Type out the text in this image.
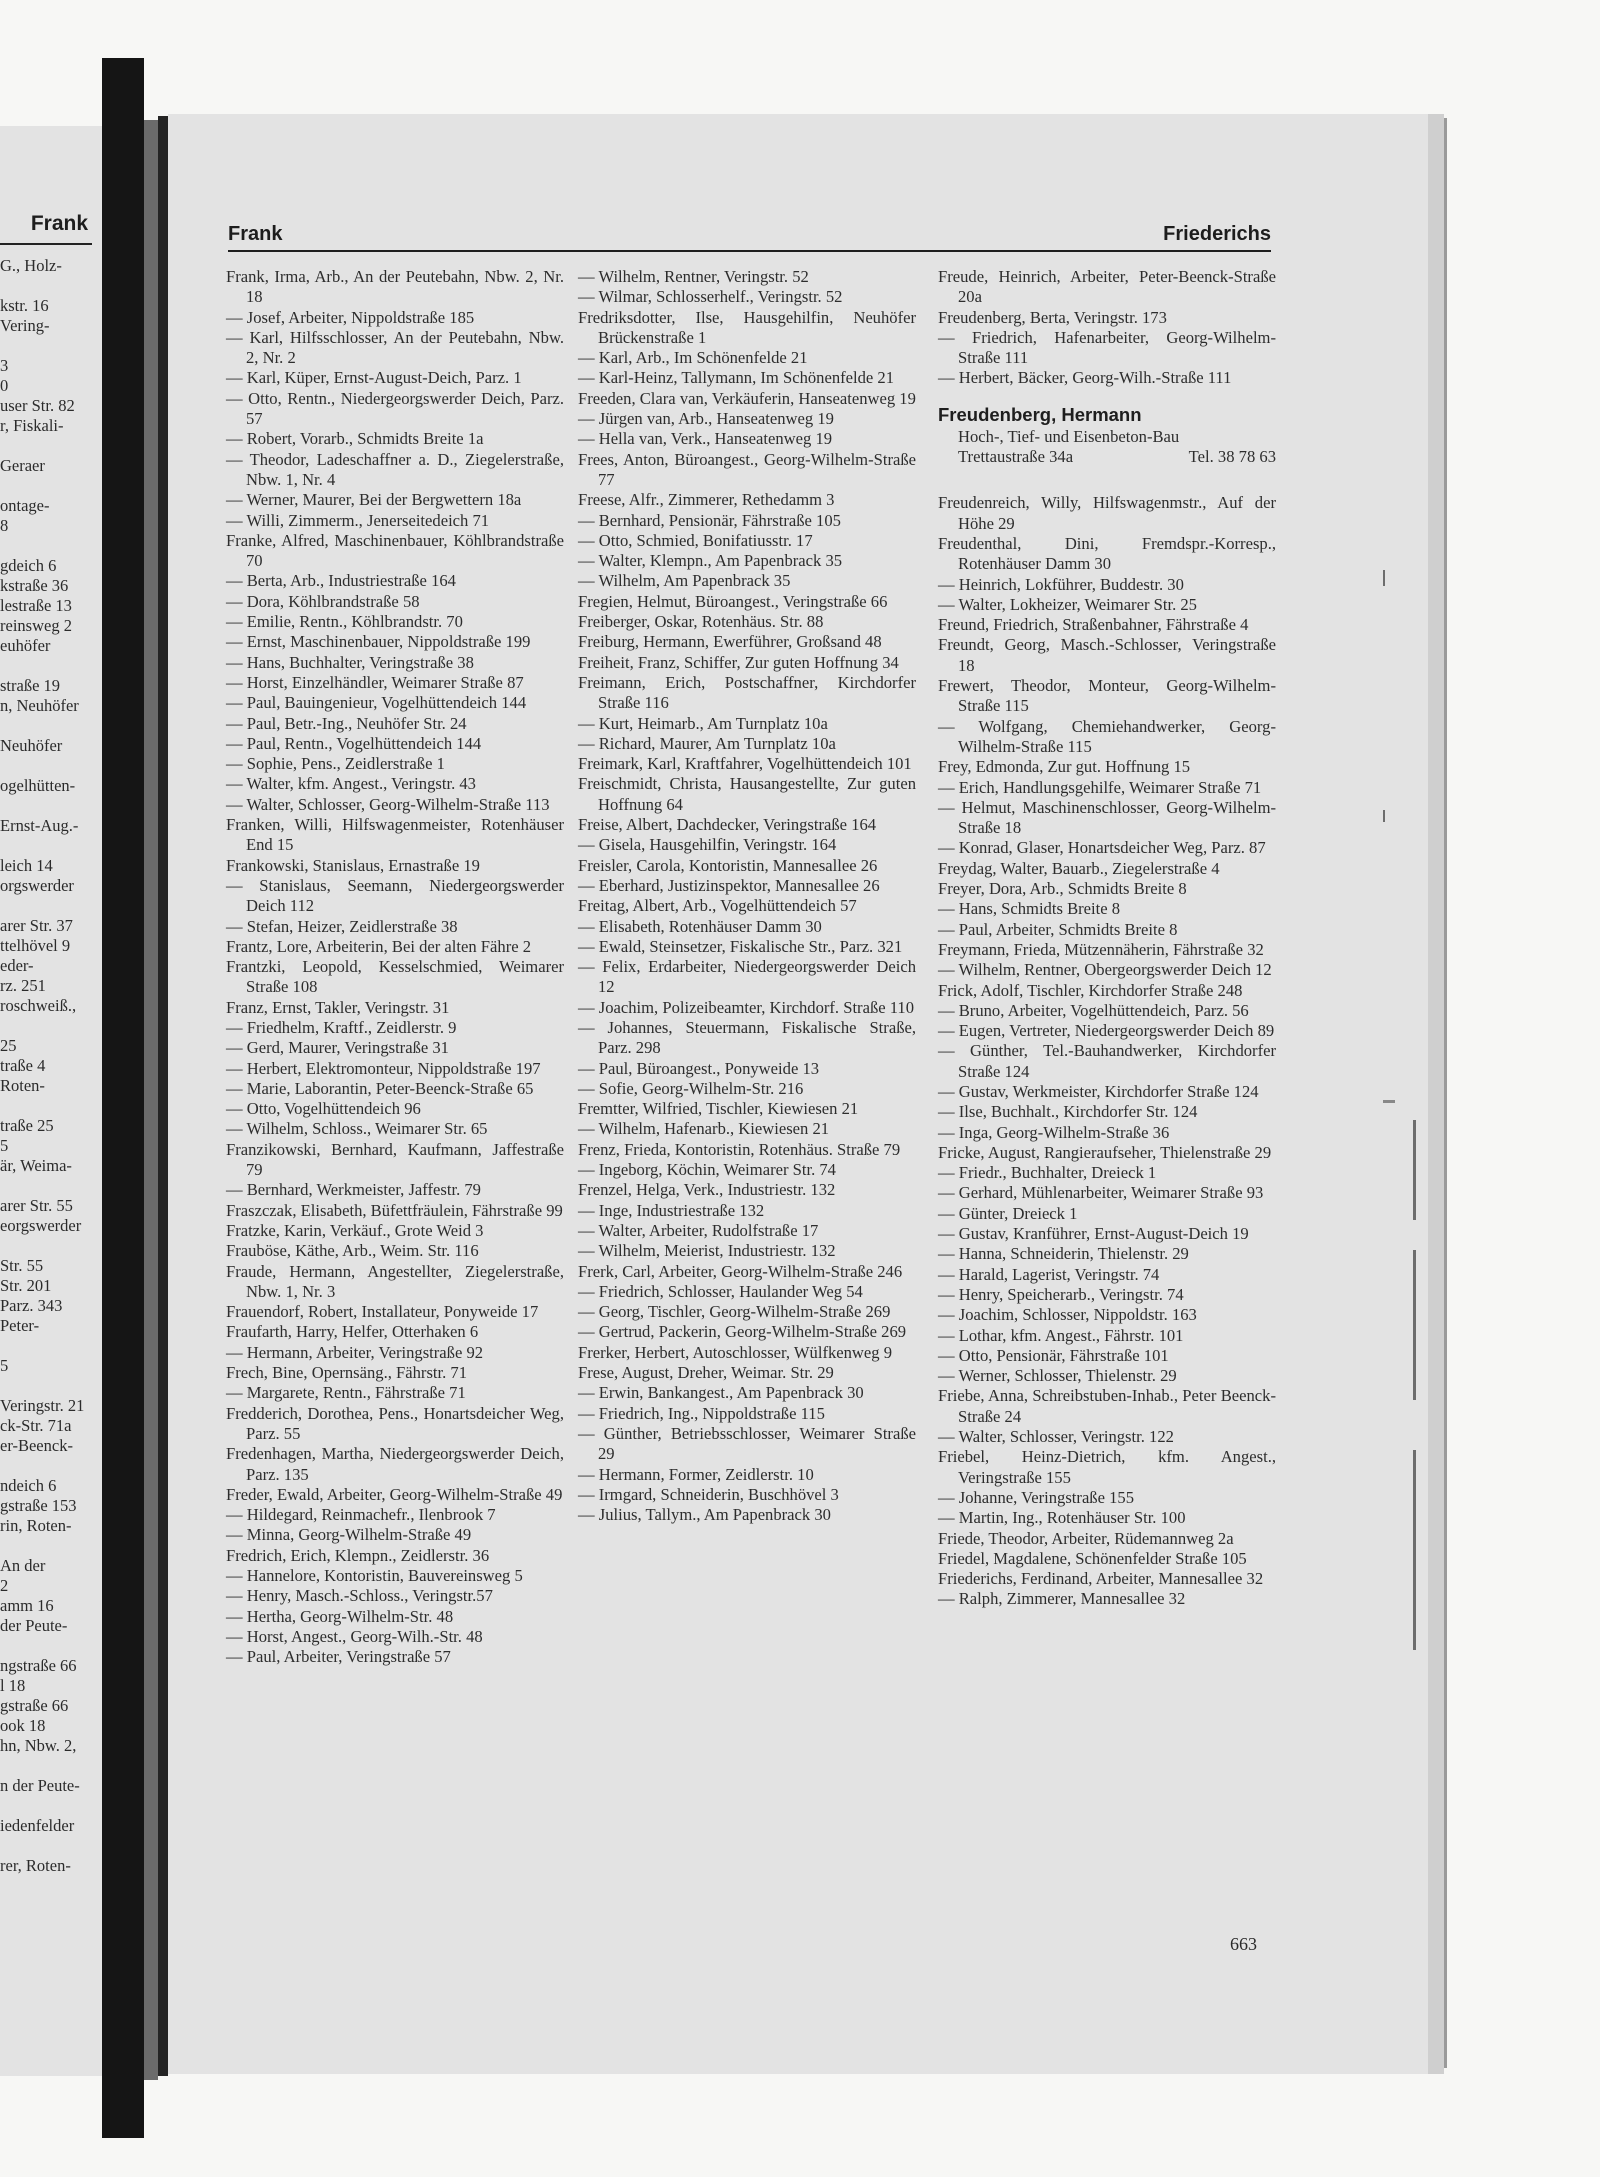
Frank
G., Holz-
kstr. 16
Vering-
3
0
user Str. 82
r, Fiskali-
Geraer
ontage-
8
gdeich 6
kstraße 36
lestraße 13
reinsweg 2
euhöfer
straße 19
n, Neuhöfer
Neuhöfer
ogelhütten-
Ernst-Aug.-
leich 14
orgswerder
arer Str. 37
ttelhövel 9
eder-
rz. 251
roschweiß.,
25
traße 4
Roten-
traße 25
5
är, Weima-
arer Str. 55
eorgswerder
Str. 55
Str. 201
Parz. 343
Peter-
5
Veringstr. 21
ck-Str. 71a
er-Beenck-
ndeich 6
gstraße 153
rin, Roten-
An der
2
amm 16
der Peute-
ngstraße 66
l 18
gstraße 66
ook 18
hn, Nbw. 2,
n der Peute-
iedenfelder
rer, Roten-
Frank	Friederichs
Frank, Irma, Arb., An der Peutebahn, Nbw. 2, Nr. 18
— Josef, Arbeiter, Nippoldstraße 185
— Karl, Hilfsschlosser, An der Peutebahn, Nbw. 2, Nr. 2
— Karl, Küper, Ernst-August-Deich, Parz. 1
— Otto, Rentn., Niedergeorgswerder Deich, Parz. 57
— Robert, Vorarb., Schmidts Breite 1a
— Theodor, Ladeschaffner a. D., Ziegelerstraße, Nbw. 1, Nr. 4
— Werner, Maurer, Bei der Bergwettern 18a
— Willi, Zimmerm., Jenerseitedeich 71
Franke, Alfred, Maschinenbauer, Köhlbrandstraße 70
— Berta, Arb., Industriestraße 164
— Dora, Köhlbrandstraße 58
— Emilie, Rentn., Köhlbrandstr. 70
— Ernst, Maschinenbauer, Nippoldstraße 199
— Hans, Buchhalter, Veringstraße 38
— Horst, Einzelhändler, Weimarer Straße 87
— Paul, Bauingenieur, Vogelhüttendeich 144
— Paul, Betr.-Ing., Neuhöfer Str. 24
— Paul, Rentn., Vogelhüttendeich 144
— Sophie, Pens., Zeidlerstraße 1
— Walter, kfm. Angest., Veringstr. 43
— Walter, Schlosser, Georg-Wilhelm-Straße 113
Franken, Willi, Hilfswagenmeister, Rotenhäuser End 15
Frankowski, Stanislaus, Ernastraße 19
— Stanislaus, Seemann, Niedergeorgswerder Deich 112
— Stefan, Heizer, Zeidlerstraße 38
Frantz, Lore, Arbeiterin, Bei der alten Fähre 2
Frantzki, Leopold, Kesselschmied, Weimarer Straße 108
Franz, Ernst, Takler, Veringstr. 31
— Friedhelm, Kraftf., Zeidlerstr. 9
— Gerd, Maurer, Veringstraße 31
— Herbert, Elektromonteur, Nippoldstraße 197
— Marie, Laborantin, Peter-Beenck-Straße 65
— Otto, Vogelhüttendeich 96
— Wilhelm, Schloss., Weimarer Str. 65
Franzikowski, Bernhard, Kaufmann, Jaffestraße 79
— Bernhard, Werkmeister, Jaffestr. 79
Fraszczak, Elisabeth, Büfettfräulein, Fährstraße 99
Fratzke, Karin, Verkäuf., Grote Weid 3
Frauböse, Käthe, Arb., Weim. Str. 116
Fraude, Hermann, Angestellter, Ziegelerstraße, Nbw. 1, Nr. 3
Frauendorf, Robert, Installateur, Ponyweide 17
Fraufarth, Harry, Helfer, Otterhaken 6
— Hermann, Arbeiter, Veringstraße 92
Frech, Bine, Opernsäng., Fährstr. 71
— Margarete, Rentn., Fährstraße 71
Fredderich, Dorothea, Pens., Honartsdeicher Weg, Parz. 55
Fredenhagen, Martha, Niedergeorgswerder Deich, Parz. 135
Freder, Ewald, Arbeiter, Georg-Wilhelm-Straße 49
— Hildegard, Reinmachefr., Ilenbrook 7
— Minna, Georg-Wilhelm-Straße 49
Fredrich, Erich, Klempn., Zeidlerstr. 36
— Hannelore, Kontoristin, Bauvereinsweg 5
— Henry, Masch.-Schloss., Veringstr.57
— Hertha, Georg-Wilhelm-Str. 48
— Horst, Angest., Georg-Wilh.-Str. 48
— Paul, Arbeiter, Veringstraße 57
— Wilhelm, Rentner, Veringstr. 52
— Wilmar, Schlosserhelf., Veringstr. 52
Fredriksdotter, Ilse, Hausgehilfin, Neuhöfer Brückenstraße 1
— Karl, Arb., Im Schönenfelde 21
— Karl-Heinz, Tallymann, Im Schönenfelde 21
Freeden, Clara van, Verkäuferin, Hanseatenweg 19
— Jürgen van, Arb., Hanseatenweg 19
— Hella van, Verk., Hanseatenweg 19
Frees, Anton, Büroangest., Georg-Wilhelm-Straße 77
Freese, Alfr., Zimmerer, Rethedamm 3
— Bernhard, Pensionär, Fährstraße 105
— Otto, Schmied, Bonifatiusstr. 17
— Walter, Klempn., Am Papenbrack 35
— Wilhelm, Am Papenbrack 35
Fregien, Helmut, Büroangest., Veringstraße 66
Freiberger, Oskar, Rotenhäus. Str. 88
Freiburg, Hermann, Ewerführer, Großsand 48
Freiheit, Franz, Schiffer, Zur guten Hoffnung 34
Freimann, Erich, Postschaffner, Kirchdorfer Straße 116
— Kurt, Heimarb., Am Turnplatz 10a
— Richard, Maurer, Am Turnplatz 10a
Freimark, Karl, Kraftfahrer, Vogelhüttendeich 101
Freischmidt, Christa, Hausangestellte, Zur guten Hoffnung 64
Freise, Albert, Dachdecker, Veringstraße 164
— Gisela, Hausgehilfin, Veringstr. 164
Freisler, Carola, Kontoristin, Mannesallee 26
— Eberhard, Justizinspektor, Mannesallee 26
Freitag, Albert, Arb., Vogelhüttendeich 57
— Elisabeth, Rotenhäuser Damm 30
— Ewald, Steinsetzer, Fiskalische Str., Parz. 321
— Felix, Erdarbeiter, Niedergeorgswerder Deich 12
— Joachim, Polizeibeamter, Kirchdorf. Straße 110
— Johannes, Steuermann, Fiskalische Straße, Parz. 298
— Paul, Büroangest., Ponyweide 13
— Sofie, Georg-Wilhelm-Str. 216
Fremtter, Wilfried, Tischler, Kiewiesen 21
— Wilhelm, Hafenarb., Kiewiesen 21
Frenz, Frieda, Kontoristin, Rotenhäus. Straße 79
— Ingeborg, Köchin, Weimarer Str. 74
Frenzel, Helga, Verk., Industriestr. 132
— Inge, Industriestraße 132
— Walter, Arbeiter, Rudolfstraße 17
— Wilhelm, Meierist, Industriestr. 132
Frerk, Carl, Arbeiter, Georg-Wilhelm-Straße 246
— Friedrich, Schlosser, Haulander Weg 54
— Georg, Tischler, Georg-Wilhelm-Straße 269
— Gertrud, Packerin, Georg-Wilhelm-Straße 269
Frerker, Herbert, Autoschlosser, Wülfkenweg 9
Frese, August, Dreher, Weimar. Str. 29
— Erwin, Bankangest., Am Papenbrack 30
— Friedrich, Ing., Nippoldstraße 115
— Günther, Betriebsschlosser, Weimarer Straße 29
— Hermann, Former, Zeidlerstr. 10
— Irmgard, Schneiderin, Buschhövel 3
— Julius, Tallym., Am Papenbrack 30
Freude, Heinrich, Arbeiter, Peter-Beenck-Straße 20a
Freudenberg, Berta, Veringstr. 173
— Friedrich, Hafenarbeiter, Georg-Wilhelm-Straße 111
— Herbert, Bäcker, Georg-Wilh.-Straße 111
Freudenberg, Hermann
Hoch-, Tief- und Eisenbeton-Bau
Trettaustraße 34a	Tel. 38 78 63
Freudenreich, Willy, Hilfswagenmstr., Auf der Höhe 29
Freudenthal, Dini, Fremdspr.-Korresp., Rotenhäuser Damm 30
— Heinrich, Lokführer, Buddestr. 30
— Walter, Lokheizer, Weimarer Str. 25
Freund, Friedrich, Straßenbahner, Fährstraße 4
Freundt, Georg, Masch.-Schlosser, Veringstraße 18
Frewert, Theodor, Monteur, Georg-Wilhelm-Straße 115
— Wolfgang, Chemiehandwerker, Georg-Wilhelm-Straße 115
Frey, Edmonda, Zur gut. Hoffnung 15
— Erich, Handlungsgehilfe, Weimarer Straße 71
— Helmut, Maschinenschlosser, Georg-Wilhelm-Straße 18
— Konrad, Glaser, Honartsdeicher Weg, Parz. 87
Freydag, Walter, Bauarb., Ziegelerstraße 4
Freyer, Dora, Arb., Schmidts Breite 8
— Hans, Schmidts Breite 8
— Paul, Arbeiter, Schmidts Breite 8
Freymann, Frieda, Mützennäherin, Fährstraße 32
— Wilhelm, Rentner, Obergeorgswerder Deich 12
Frick, Adolf, Tischler, Kirchdorfer Straße 248
— Bruno, Arbeiter, Vogelhüttendeich, Parz. 56
— Eugen, Vertreter, Niedergeorgswerder Deich 89
— Günther, Tel.-Bauhandwerker, Kirchdorfer Straße 124
— Gustav, Werkmeister, Kirchdorfer Straße 124
— Ilse, Buchhalt., Kirchdorfer Str. 124
— Inga, Georg-Wilhelm-Straße 36
Fricke, August, Rangieraufseher, Thielenstraße 29
— Friedr., Buchhalter, Dreieck 1
— Gerhard, Mühlenarbeiter, Weimarer Straße 93
— Günter, Dreieck 1
— Gustav, Kranführer, Ernst-August-Deich 19
— Hanna, Schneiderin, Thielenstr. 29
— Harald, Lagerist, Veringstr. 74
— Henry, Speicherarb., Veringstr. 74
— Joachim, Schlosser, Nippoldstr. 163
— Lothar, kfm. Angest., Fährstr. 101
— Otto, Pensionär, Fährstraße 101
— Werner, Schlosser, Thielenstr. 29
Friebe, Anna, Schreibstuben-Inhab., Peter Beenck-Straße 24
— Walter, Schlosser, Veringstr. 122
Friebel, Heinz-Dietrich, kfm. Angest., Veringstraße 155
— Johanne, Veringstraße 155
— Martin, Ing., Rotenhäuser Str. 100
Friede, Theodor, Arbeiter, Rüdemannweg 2a
Friedel, Magdalene, Schönenfelder Straße 105
Friederichs, Ferdinand, Arbeiter, Mannesallee 32
— Ralph, Zimmerer, Mannesallee 32
663
